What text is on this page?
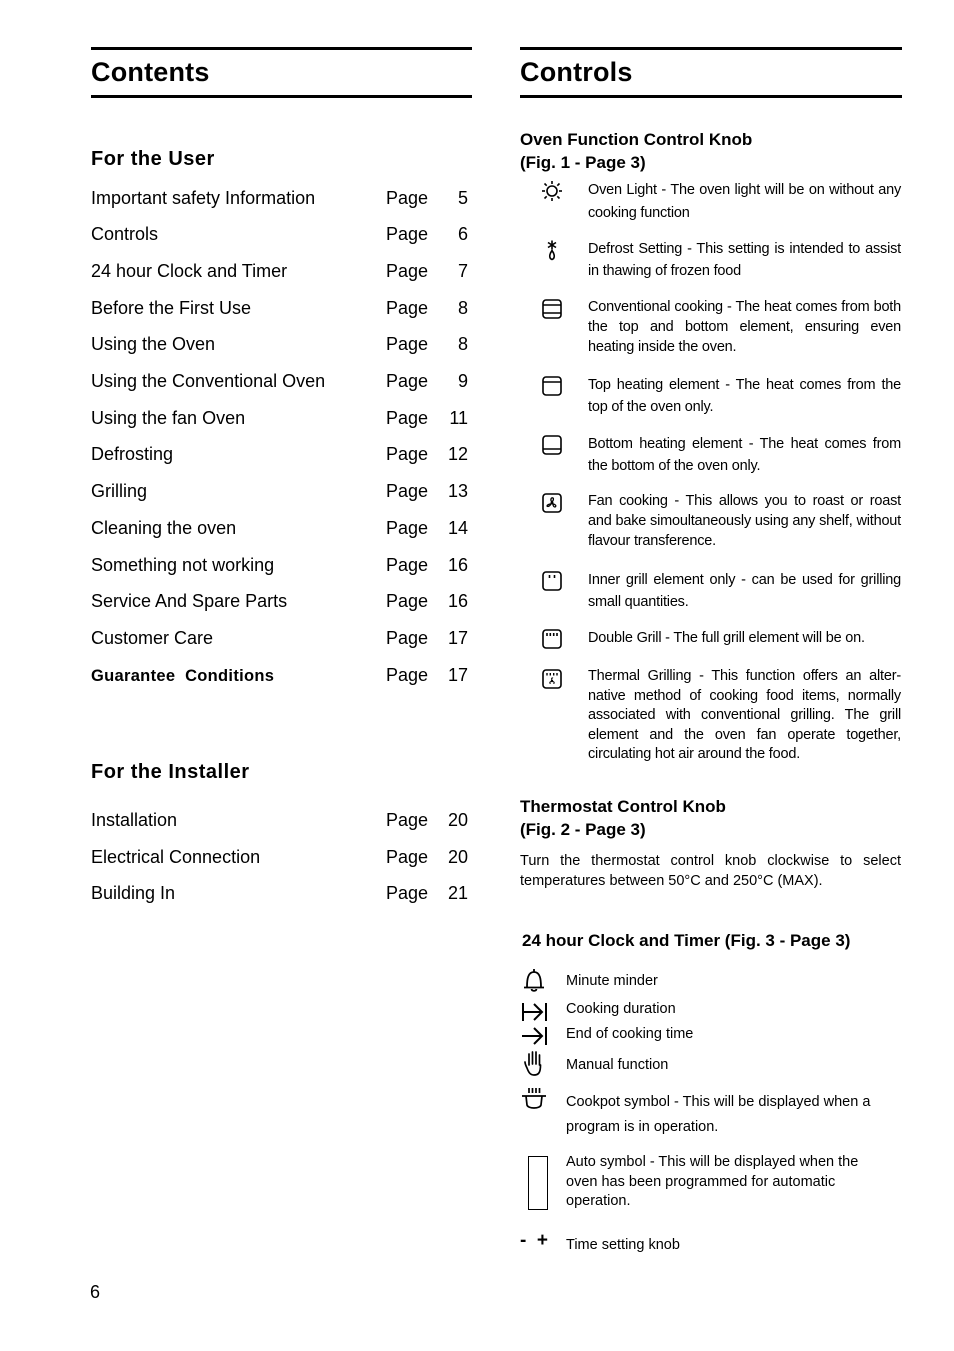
Contents
For the User
Important safety Information	Page 5
Controls	Page 6
24 hour Clock and Timer	Page 7
Before the First Use	Page 8
Using the Oven	Page 8
Using the Conventional Oven	Page 9
Using the fan Oven	Page 11
Defrosting	Page 12
Grilling	Page 13
Cleaning the oven	Page 14
Something not working	Page 16
Service And Spare Parts	Page 16
Customer Care	Page 17
Guarantee  Conditions	Page 17
For the Installer
Installation	Page 20
Electrical Connection	Page 20
Building In	Page 21
6
Controls
Oven Function Control Knob
(Fig. 1 - Page 3)
Oven Light - The oven light will be on without any cooking function
Defrost Setting - This setting is intended to assist in thawing of frozen food
Conventional cooking - The heat comes from both the top and bottom element, ensuring even heating inside the oven.
Top heating element - The heat comes from the top of the oven only.
Bottom heating element - The heat comes from the bottom of the oven only.
Fan cooking - This allows you to roast or roast and bake simoultaneously using any shelf, without flavour transference.
Inner grill element only - can be used for grilling small quantities.
Double Grill - The full grill element will be on.
Thermal Grilling - This function offers an alter-native method of cooking food items, normally associated with conventional grilling. The grill element and the oven fan operate together, circulating hot air around the food.
Thermostat Control Knob
(Fig. 2 - Page 3)
Turn the thermostat control knob clockwise to select temperatures between 50°C and 250°C (MAX).
24 hour Clock and Timer (Fig. 3 - Page 3)
Minute minder
Cooking duration
End of cooking time
Manual function
Cookpot symbol - This will be displayed when a program is in operation.
Auto symbol - This will be displayed when the oven has been programmed for automatic operation.
- + Time setting knob
